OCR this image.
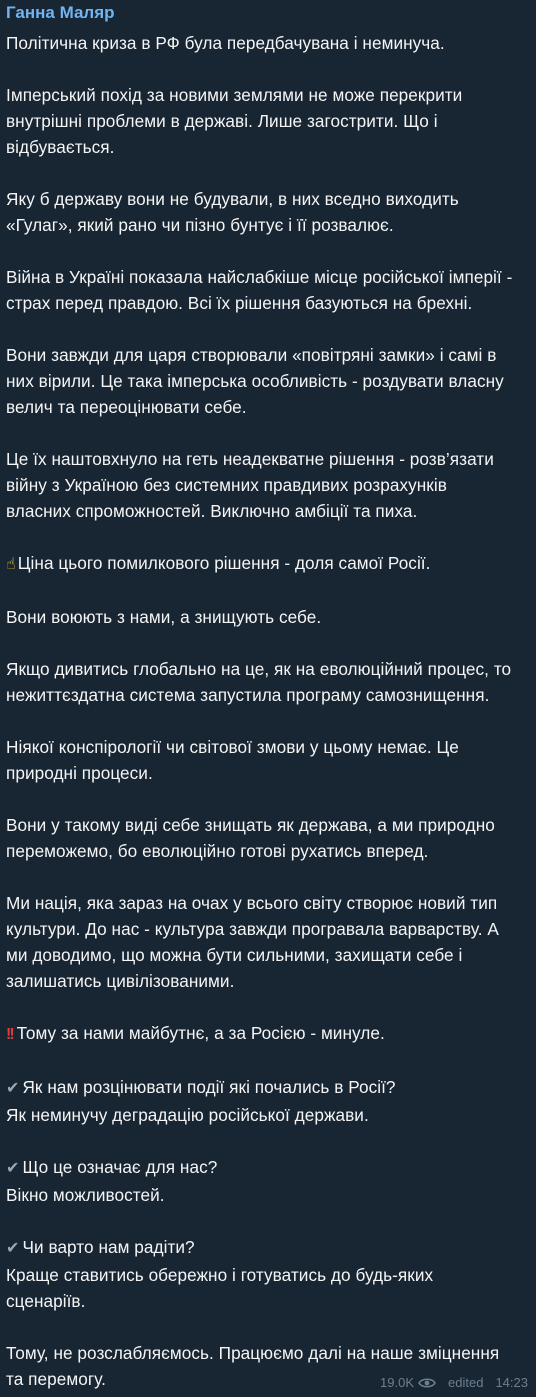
Ганна Маляр
Політична криза в РФ була передбачувана і неминуча.
Імперський похід за новими землями не може перекрити
внутрішні проблеми в державі. Лише загострити. Що і
відбувається.
Яку б державу вони не будували, в них вседно виходить
«Гулаг», який рано чи пізно бунтує і її розвалює.
Війна в Україні показала найслабкіше місце російської імперії -
страх перед правдою. Всі їх рішення базуються на брехні.
Вони завжди для царя створювали «повітряні замки» і самі в
них вірили. Це така імперська особливість - роздувати власну
велич та переоцінювати себе.
Це їх наштовхнуло на геть неадекватне рішення - розв’язати
війну з Україною без системних правдивих розрахунків
власних спроможностей. Виключно амбіції та пиха.
☝ Ціна цього помилкового рішення - доля самої Росії.
Вони воюють з нами, а знищують себе.
Якщо дивитись глобально на це, як на еволюційний процес, то
нежиттєздатна система запустила програму самознищення.
Ніякої конспірології чи світової змови у цьому немає. Це
природні процеси.
Вони у такому виді себе знищать як держава, а ми природно
переможемо, бо еволюційно готові рухатись вперед.
Ми нація, яка зараз на очах у всього світу створює новий тип
культури. До нас - культура завжди програвала варварству. А
ми доводимо, що можна бути сильними, захищати себе і
залишатись цивілізованими.
!! Тому за нами майбутнє, а за Росією - минуле.
✔ Як нам розцінювати події які почались в Росії?
Як неминучу деградацію російської держави.
✔ Що це означає для нас?
Вікно можливостей.
✔ Чи варто нам радіти?
Краще ставитись обережно і готуватись до будь-яких
сценаріїв.
Тому, не розслабляємось. Працюємо далі на наше зміцнення
та перемогу.	19.0K	edited 14:23
